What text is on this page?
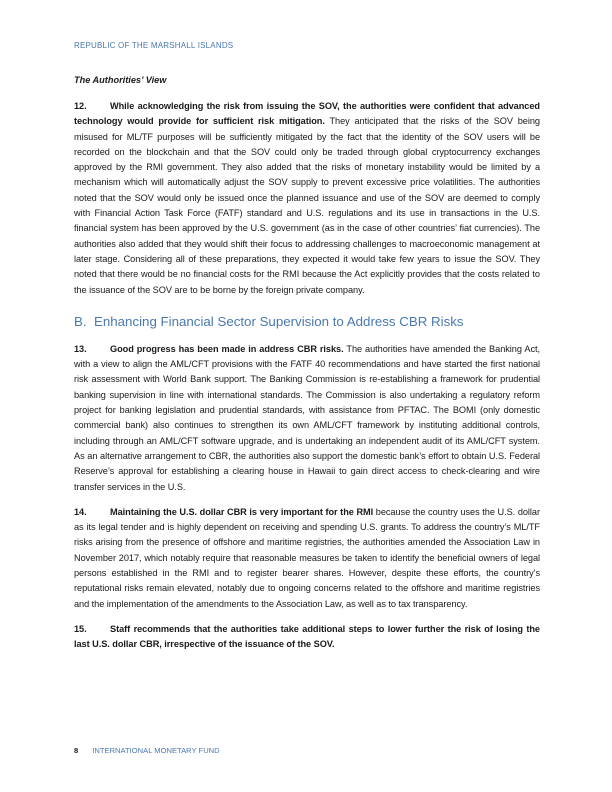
REPUBLIC OF THE MARSHALL ISLANDS
The Authorities’ View

12.	While acknowledging the risk from issuing the SOV, the authorities were confident that advanced technology would provide for sufficient risk mitigation. They anticipated that the risks of the SOV being misused for ML/TF purposes will be sufficiently mitigated by the fact that the identity of the SOV users will be recorded on the blockchain and that the SOV could only be traded through global cryptocurrency exchanges approved by the RMI government. They also added that the risks of monetary instability would be limited by a mechanism which will automatically adjust the SOV supply to prevent excessive price volatilities. The authorities noted that the SOV would only be issued once the planned issuance and use of the SOV are deemed to comply with Financial Action Task Force (FATF) standard and U.S. regulations and its use in transactions in the U.S. financial system has been approved by the U.S. government (as in the case of other countries’ fiat currencies). The authorities also added that they would shift their focus to addressing challenges to macroeconomic management at later stage. Considering all of these preparations, they expected it would take few years to issue the SOV. They noted that there would be no financial costs for the RMI because the Act explicitly provides that the costs related to the issuance of the SOV are to be borne by the foreign private company.

B. Enhancing Financial Sector Supervision to Address CBR Risks

13.	Good progress has been made in address CBR risks. The authorities have amended the Banking Act, with a view to align the AML/CFT provisions with the FATF 40 recommendations and have started the first national risk assessment with World Bank support. The Banking Commission is re-establishing a framework for prudential banking supervision in line with international standards. The Commission is also undertaking a regulatory reform project for banking legislation and prudential standards, with assistance from PFTAC. The BOMI (only domestic commercial bank) also continues to strengthen its own AML/CFT framework by instituting additional controls, including through an AML/CFT software upgrade, and is undertaking an independent audit of its AML/CFT system. As an alternative arrangement to CBR, the authorities also support the domestic bank’s effort to obtain U.S. Federal Reserve’s approval for establishing a clearing house in Hawaii to gain direct access to check-clearing and wire transfer services in the U.S.

14.	Maintaining the U.S. dollar CBR is very important for the RMI because the country uses the U.S. dollar as its legal tender and is highly dependent on receiving and spending U.S. grants. To address the country’s ML/TF risks arising from the presence of offshore and maritime registries, the authorities amended the Association Law in November 2017, which notably require that reasonable measures be taken to identify the beneficial owners of legal persons established in the RMI and to register bearer shares. However, despite these efforts, the country’s reputational risks remain elevated, notably due to ongoing concerns related to the offshore and maritime registries and the implementation of the amendments to the Association Law, as well as to tax transparency.

15.	Staff recommends that the authorities take additional steps to lower further the risk of losing the last U.S. dollar CBR, irrespective of the issuance of the SOV.

8 INTERNATIONAL MONETARY FUND
